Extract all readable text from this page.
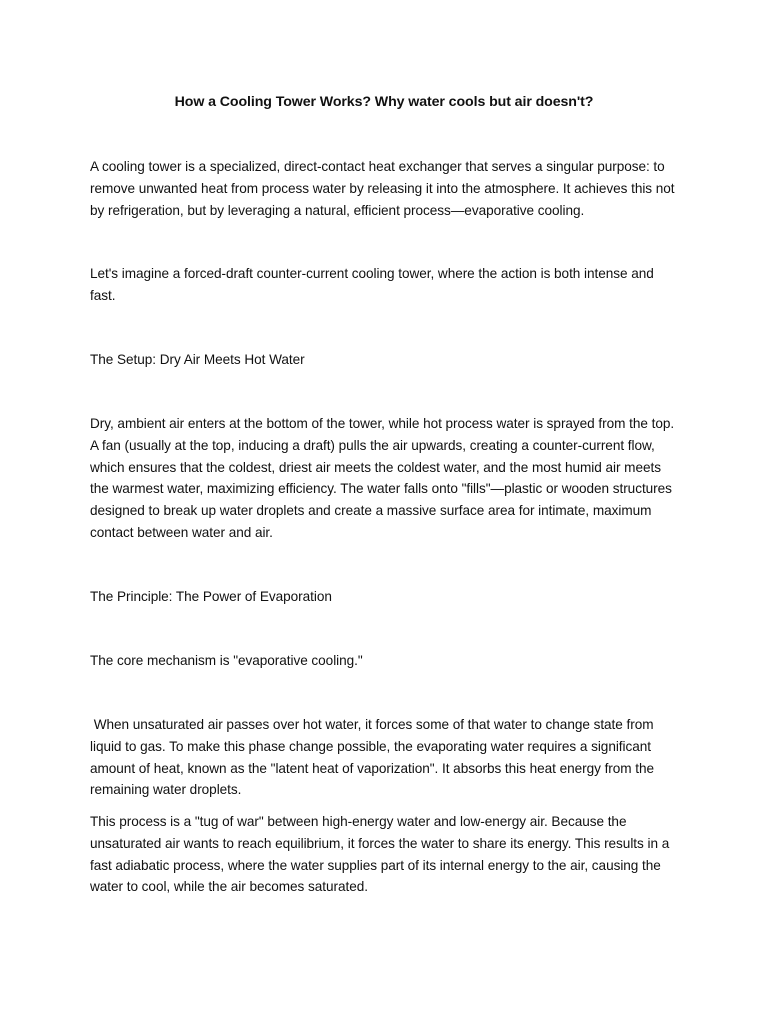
How a Cooling Tower Works? Why water cools but air doesn't?

A cooling tower is a specialized, direct-contact heat exchanger that serves a singular purpose: to remove unwanted heat from process water by releasing it into the atmosphere. It achieves this not by refrigeration, but by leveraging a natural, efficient process—evaporative cooling.

Let's imagine a forced-draft counter-current cooling tower, where the action is both intense and fast.

The Setup: Dry Air Meets Hot Water

Dry, ambient air enters at the bottom of the tower, while hot process water is sprayed from the top. A fan (usually at the top, inducing a draft) pulls the air upwards, creating a counter-current flow, which ensures that the coldest, driest air meets the coldest water, and the most humid air meets the warmest water, maximizing efficiency. The water falls onto "fills"—plastic or wooden structures designed to break up water droplets and create a massive surface area for intimate, maximum contact between water and air.

The Principle: The Power of Evaporation

The core mechanism is "evaporative cooling."

When unsaturated air passes over hot water, it forces some of that water to change state from liquid to gas. To make this phase change possible, the evaporating water requires a significant amount of heat, known as the "latent heat of vaporization". It absorbs this heat energy from the remaining water droplets.

This process is a "tug of war" between high-energy water and low-energy air. Because the unsaturated air wants to reach equilibrium, it forces the water to share its energy. This results in a fast adiabatic process, where the water supplies part of its internal energy to the air, causing the water to cool, while the air becomes saturated.
